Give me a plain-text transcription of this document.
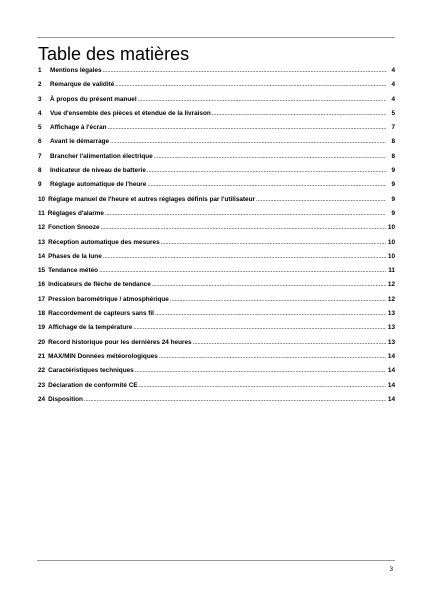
Table des matières
1	Mentions légales .....	4
2	Remarque de validité .....	4
3	À propos du présent manuel .....	4
4	Vue d'ensemble des pièces et étendue de la livraison .....	5
5	Affichage à l'écran .....	7
6	Avant le démarrage .....	8
7	Brancher l'alimentation électrique .....	8
8	Indicateur de niveau de batterie .....	9
9	Réglage automatique de l'heure .....	9
10 Réglage manuel de l'heure et autres réglages définis par l'utilisateur .....	9
11 Réglages d'alarme .....	9
12 Fonction Snooze .....	10
13 Réception automatique des mesures .....	10
14 Phases de la lune .....	10
15 Tendance météo .....	11
16 Indicateurs de flèche de tendance .....	12
17 Pression barométrique / atmosphérique .....	12
18 Raccordement de capteurs sans fil .....	13
19 Affichage de la température .....	13
20 Record historique pour les dernières 24 heures .....	13
21 MAX/MIN Données météorologiques .....	14
22 Caractéristiques techniques .....	14
23 Déclaration de conformité CE .....	14
24 Disposition .....	14
3
